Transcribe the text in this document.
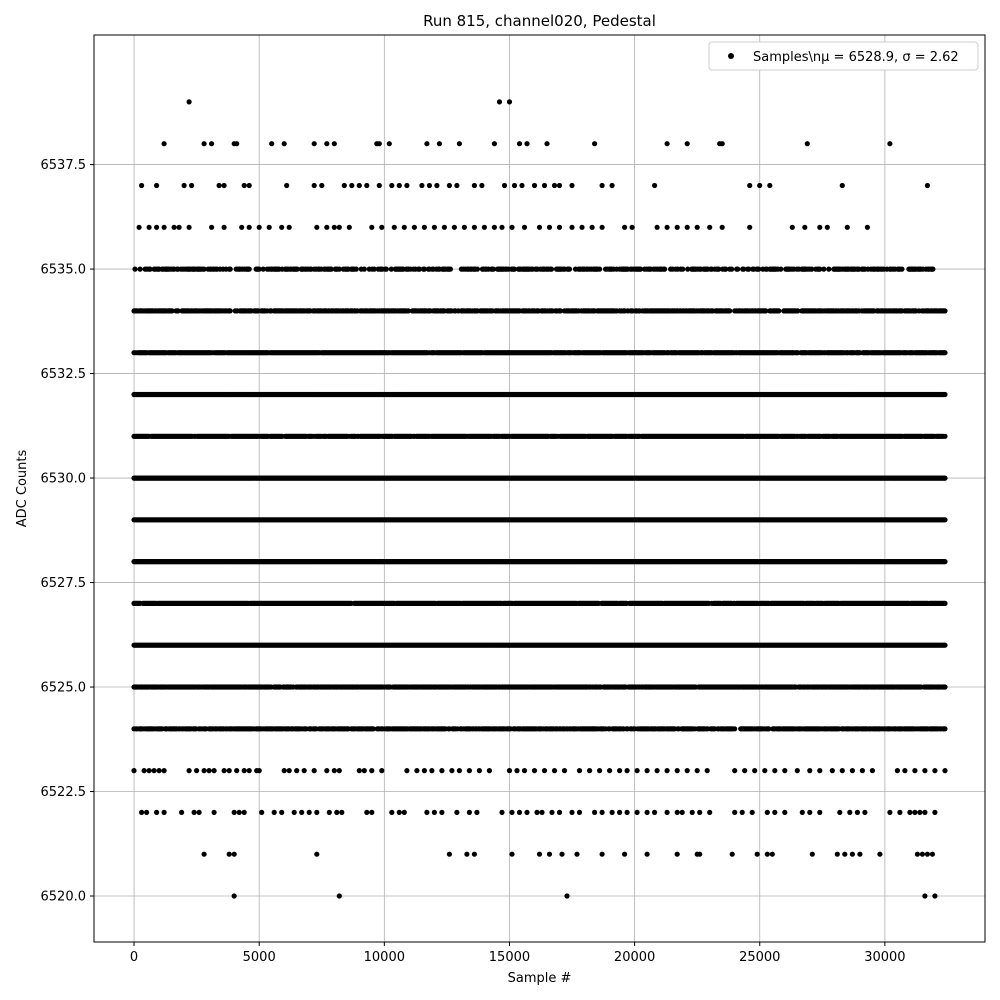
0	5000	10000	15000	20000	25000	30000
6520.0
6522.5
6525.0
6527.5
6530.0
6532.5
6535.0
6537.5
Run 815, channel020, Pedestal
Sample #
ADC Counts
Samples\nμ = 6528.9, σ = 2.62
